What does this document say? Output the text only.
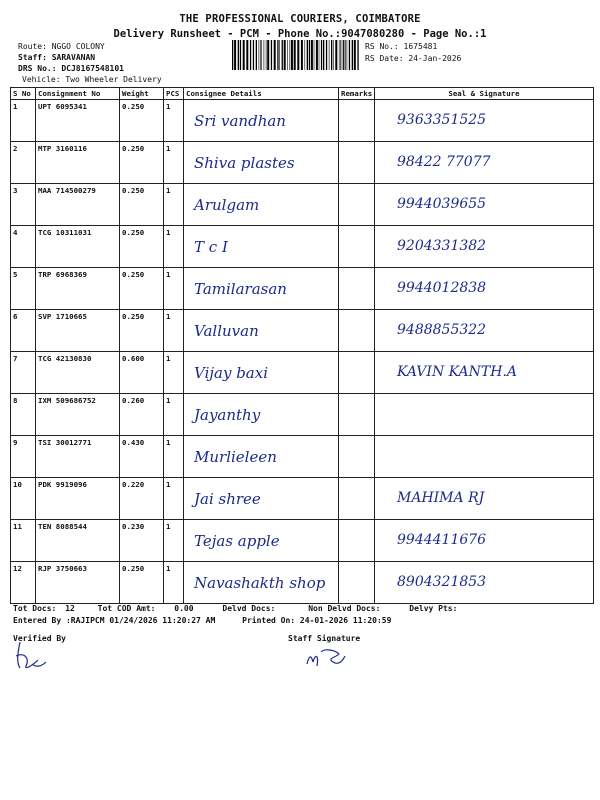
THE PROFESSIONAL COURIERS, COIMBATORE
Delivery Runsheet - PCM - Phone No.:9047080280 - Page No.:1
Route: NGGO COLONY
Staff: SARAVANAN
DRS No.: DCJ8167548101
Vehicle: Two Wheeler Delivery
RS No.: 1675481
RS Date: 24-Jan-2026
S No	Consignment No	Weight	PCS	Consignee Details	Remarks	Seal & Signature
1	UPT 6095341	0.250	1	Sri vandhan		9363351525

2	MTP 3160116	0.250	1	Shiva plastes		98422 77077

3	MAA 714500279	0.250	1	Arulgam		9944039655

4	TCG 10311031	0.250	1	T c I		9204331382

5	TRP 6968369	0.250	1	Tamilarasan		9944012838

6	SVP 1710665	0.250	1	Valluvan		9488855322

7	TCG 42130830	0.600	1	Vijay baxi		KAVIN KANTH.A

8	IXM 509686752	0.260	1	Jayanthy		

9	TSI 30012771	0.430	1	Murlieleen		

10	PDK 9919096	0.220	1	Jai shree		MAHIMA RJ

11	TEN 8088544	0.230	1	Tejas apple		9944411676

12	RJP 3750663	0.250	1	Navashakth shop		8904321853
Tot Docs: 12	Tot COD Amt: 0.00	Delvd Docs:	Non Delvd Docs:	Delvy Pts:
Entered By :RAJIPCM 01/24/2026 11:20:27 AM	Printed On: 24-01-2026 11:20:59
Verified By	Staff Signature
